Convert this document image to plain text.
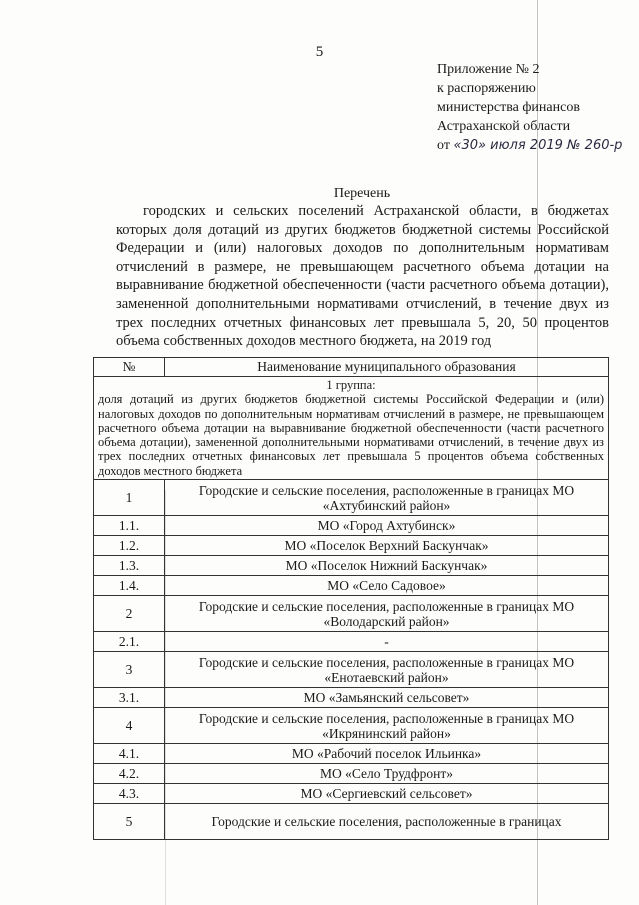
5
Приложение № 2
к распоряжению
министерства финансов
Астраханской области
от «30» июля 2019 № 260-р
Перечень

городских и сельских поселений Астраханской области, в бюджетах которых доля дотаций из других бюджетов бюджетной системы Российской Федерации и (или) налоговых доходов по дополнительным нормативам отчислений в размере, не превышающем расчетного объема дотации на выравнивание бюджетной обеспеченности (части расчетного объема дотации), замененной дополнительными нормативами отчислений, в течение двух из трех последних отчетных финансовых лет превышала 5, 20, 50 процентов объема собственных доходов местного бюджета, на 2019 год

№	Наименование муниципального образования

1 группа:
доля дотаций из других бюджетов бюджетной системы Российской Федерации и (или) налоговых доходов по дополнительным нормативам отчислений в размере, не превышающем расчетного объема дотации на выравнивание бюджетной обеспеченности (части расчетного объема дотации), замененной дополнительными нормативами отчислений, в течение двух из трех последних отчетных финансовых лет превышала 5 процентов объема собственных доходов местного бюджета	
1	Городские и сельские поселения, расположенные в границах МО «Ахтубинский район»
1.1.	МО «Город Ахтубинск»
1.2.	МО «Поселок Верхний Баскунчак»
1.3.	МО «Поселок Нижний Баскунчак»
1.4.	МО «Село Садовое»
2	Городские и сельские поселения, расположенные в границах МО «Володарский район»
2.1.	-
3	Городские и сельские поселения, расположенные в границах МО «Енотаевский район»
3.1.	МО «Замьянский сельсовет»
4	Городские и сельские поселения, расположенные в границах МО «Икрянинский район»
4.1.	МО «Рабочий поселок Ильинка»
4.2.	МО «Село Трудфронт»
4.3.	МО «Сергиевский сельсовет»
5	Городские и сельские поселения, расположенные в границах
